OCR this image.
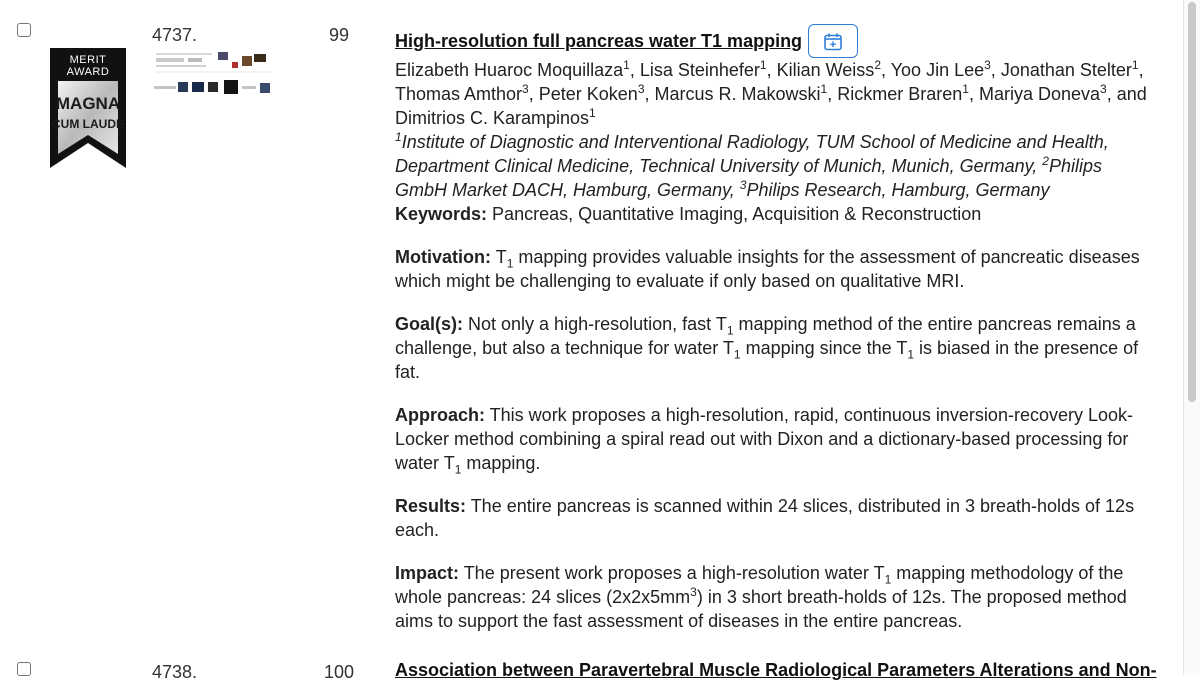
4737.	99
MERIT
AWARD
MAGNA
CUM LAUDE
High-resolution full pancreas water T1 mapping
Elizabeth Huaroc Moquillaza$^1$, Lisa Steinhefer$^1$, Kilian Weiss$^2$, Yoo Jin Lee$^3$, Jonathan Stelter$^1$, Thomas Amthor$^3$, Peter Koken$^3$, Marcus R. Makowski$^1$, Rickmer Braren$^1$, Mariya Doneva$^3$, and Dimitrios C. Karampinos$^1$
$^1$Institute of Diagnostic and Interventional Radiology, TUM School of Medicine and Health, Department Clinical Medicine, Technical University of Munich, Munich, Germany, $^2$Philips GmbH Market DACH, Hamburg, Germany, $^3$Philips Research, Hamburg, Germany
Keywords: Pancreas, Quantitative Imaging, Acquisition & Reconstruction
Motivation: $T_1$ mapping provides valuable insights for the assessment of pancreatic diseases which might be challenging to evaluate if only based on qualitative MRI.
Goal(s): Not only a high-resolution, fast $T_1$ mapping method of the entire pancreas remains a challenge, but also a technique for water $T_1$ mapping since the $T_1$ is biased in the presence of fat.
Approach: This work proposes a high-resolution, rapid, continuous inversion-recovery Look-Locker method combining a spiral read out with Dixon and a dictionary-based processing for water $T_1$ mapping.
Results: The entire pancreas is scanned within 24 slices, distributed in 3 breath-holds of 12s each.
Impact: The present work proposes a high-resolution water $T_1$ mapping methodology of the whole pancreas: 24 slices $(2x2x5mm^3)$ in 3 short breath-holds of 12s. The proposed method aims to support the fast assessment of diseases in the entire pancreas.
4738.	100 Association between Paravertebral Muscle Radiological Parameters Alterations and Non-
